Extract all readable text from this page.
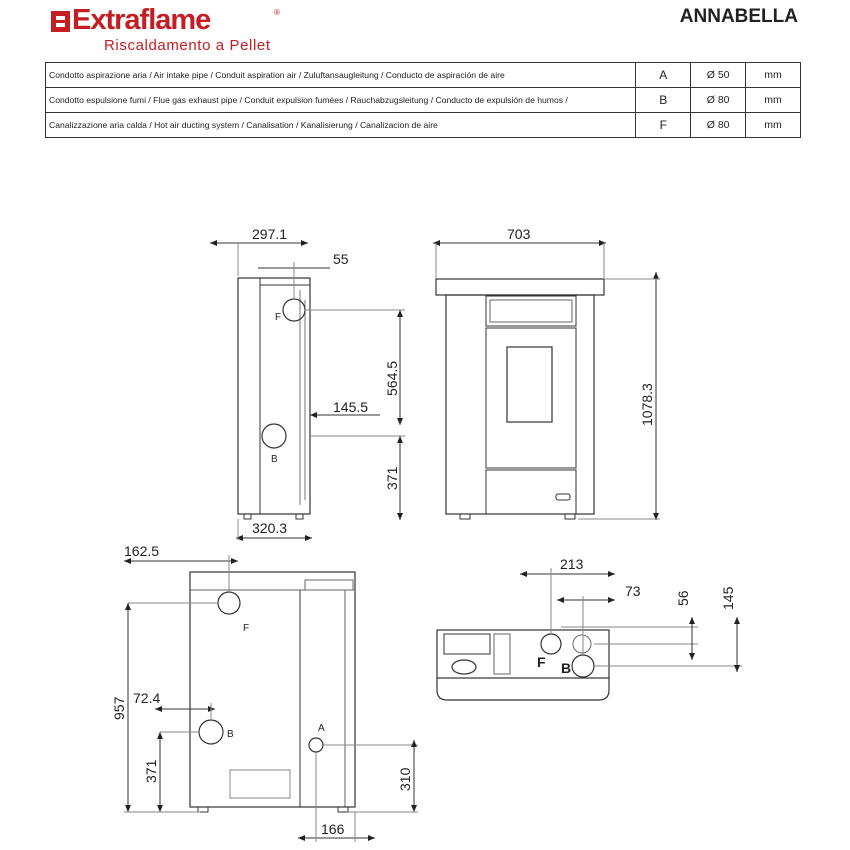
Extraflame	®
Riscaldamento a Pellet
ANNABELLA
Condotto aspirazione aria / Air intake pipe / Conduit aspiration air / Zuluftansaugleitung / Conducto de aspiración de aire	A	Ø 50	mm
Condotto espulsione fumi / Flue gas exhaust pipe / Conduit expulsion fumées / Rauchabzugsleitung / Conducto de expulsión de humos /	B	Ø 80	mm
Canalizzazione aria calda / Hot air ducting system / Canalisation / Kanalisierung / Canalizacion de aire	F	Ø 80	mm
297.1
55
564.5
145.5
371
320.3
F
B
703
1078.3
162.5
72.4
957
371	310
166
F
B
A
213
73 56 145
F B
